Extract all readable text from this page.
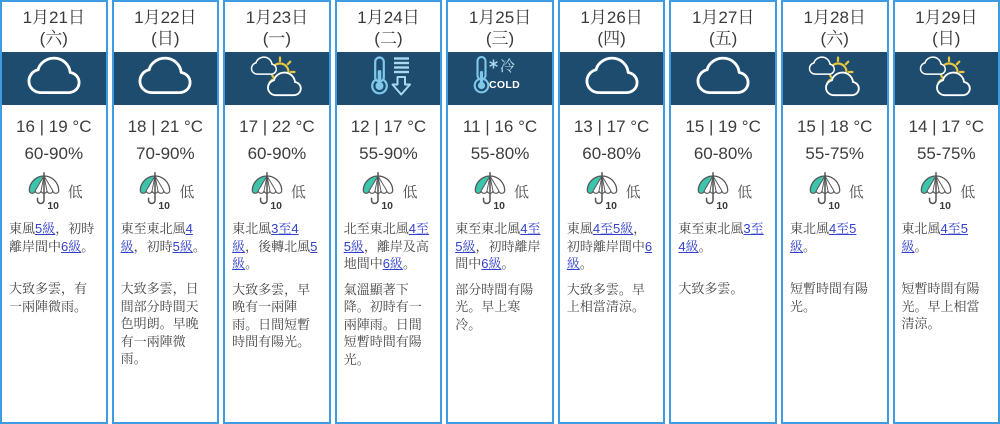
1月21日
(六)
16 | 19 °C
60-90%
10
低
東風5級，初時離岸間中6級。
大致多雲，有一兩陣微雨。
1月22日
(日)
18 | 21 °C
70-90%
10
低
東至東北風4級，初時5級。
大致多雲，日間部分時間天色明朗。早晚有一兩陣微雨。
1月23日
(一)
17 | 22 °C
60-90%
10
低
東北風3至4級，後轉北風5級。
大致多雲，早晚有一兩陣雨。日間短暫時間有陽光。
1月24日
(二)
12 | 17 °C
55-90%
10
低
北至東北風4至5級，離岸及高地間中6級。
氣溫顯著下降。初時有一兩陣雨。日間短暫時間有陽光。
1月25日
(三)
冷
COLD
11 | 16 °C
55-80%
10
低
東至東北風4至5級，初時離岸間中6級。
部分時間有陽光。早上寒冷。
1月26日
(四)
13 | 17 °C
60-80%
10
低
東風4至5級，初時離岸間中6級。
大致多雲。早上相當清涼。
1月27日
(五)
15 | 19 °C
60-80%
10
低
東至東北風3至4級。
大致多雲。
1月28日
(六)
15 | 18 °C
55-75%
10
低
東北風4至5級。
短暫時間有陽光。
1月29日
(日)
14 | 17 °C
55-75%
10
低
東北風4至5級。
短暫時間有陽光。早上相當清涼。
